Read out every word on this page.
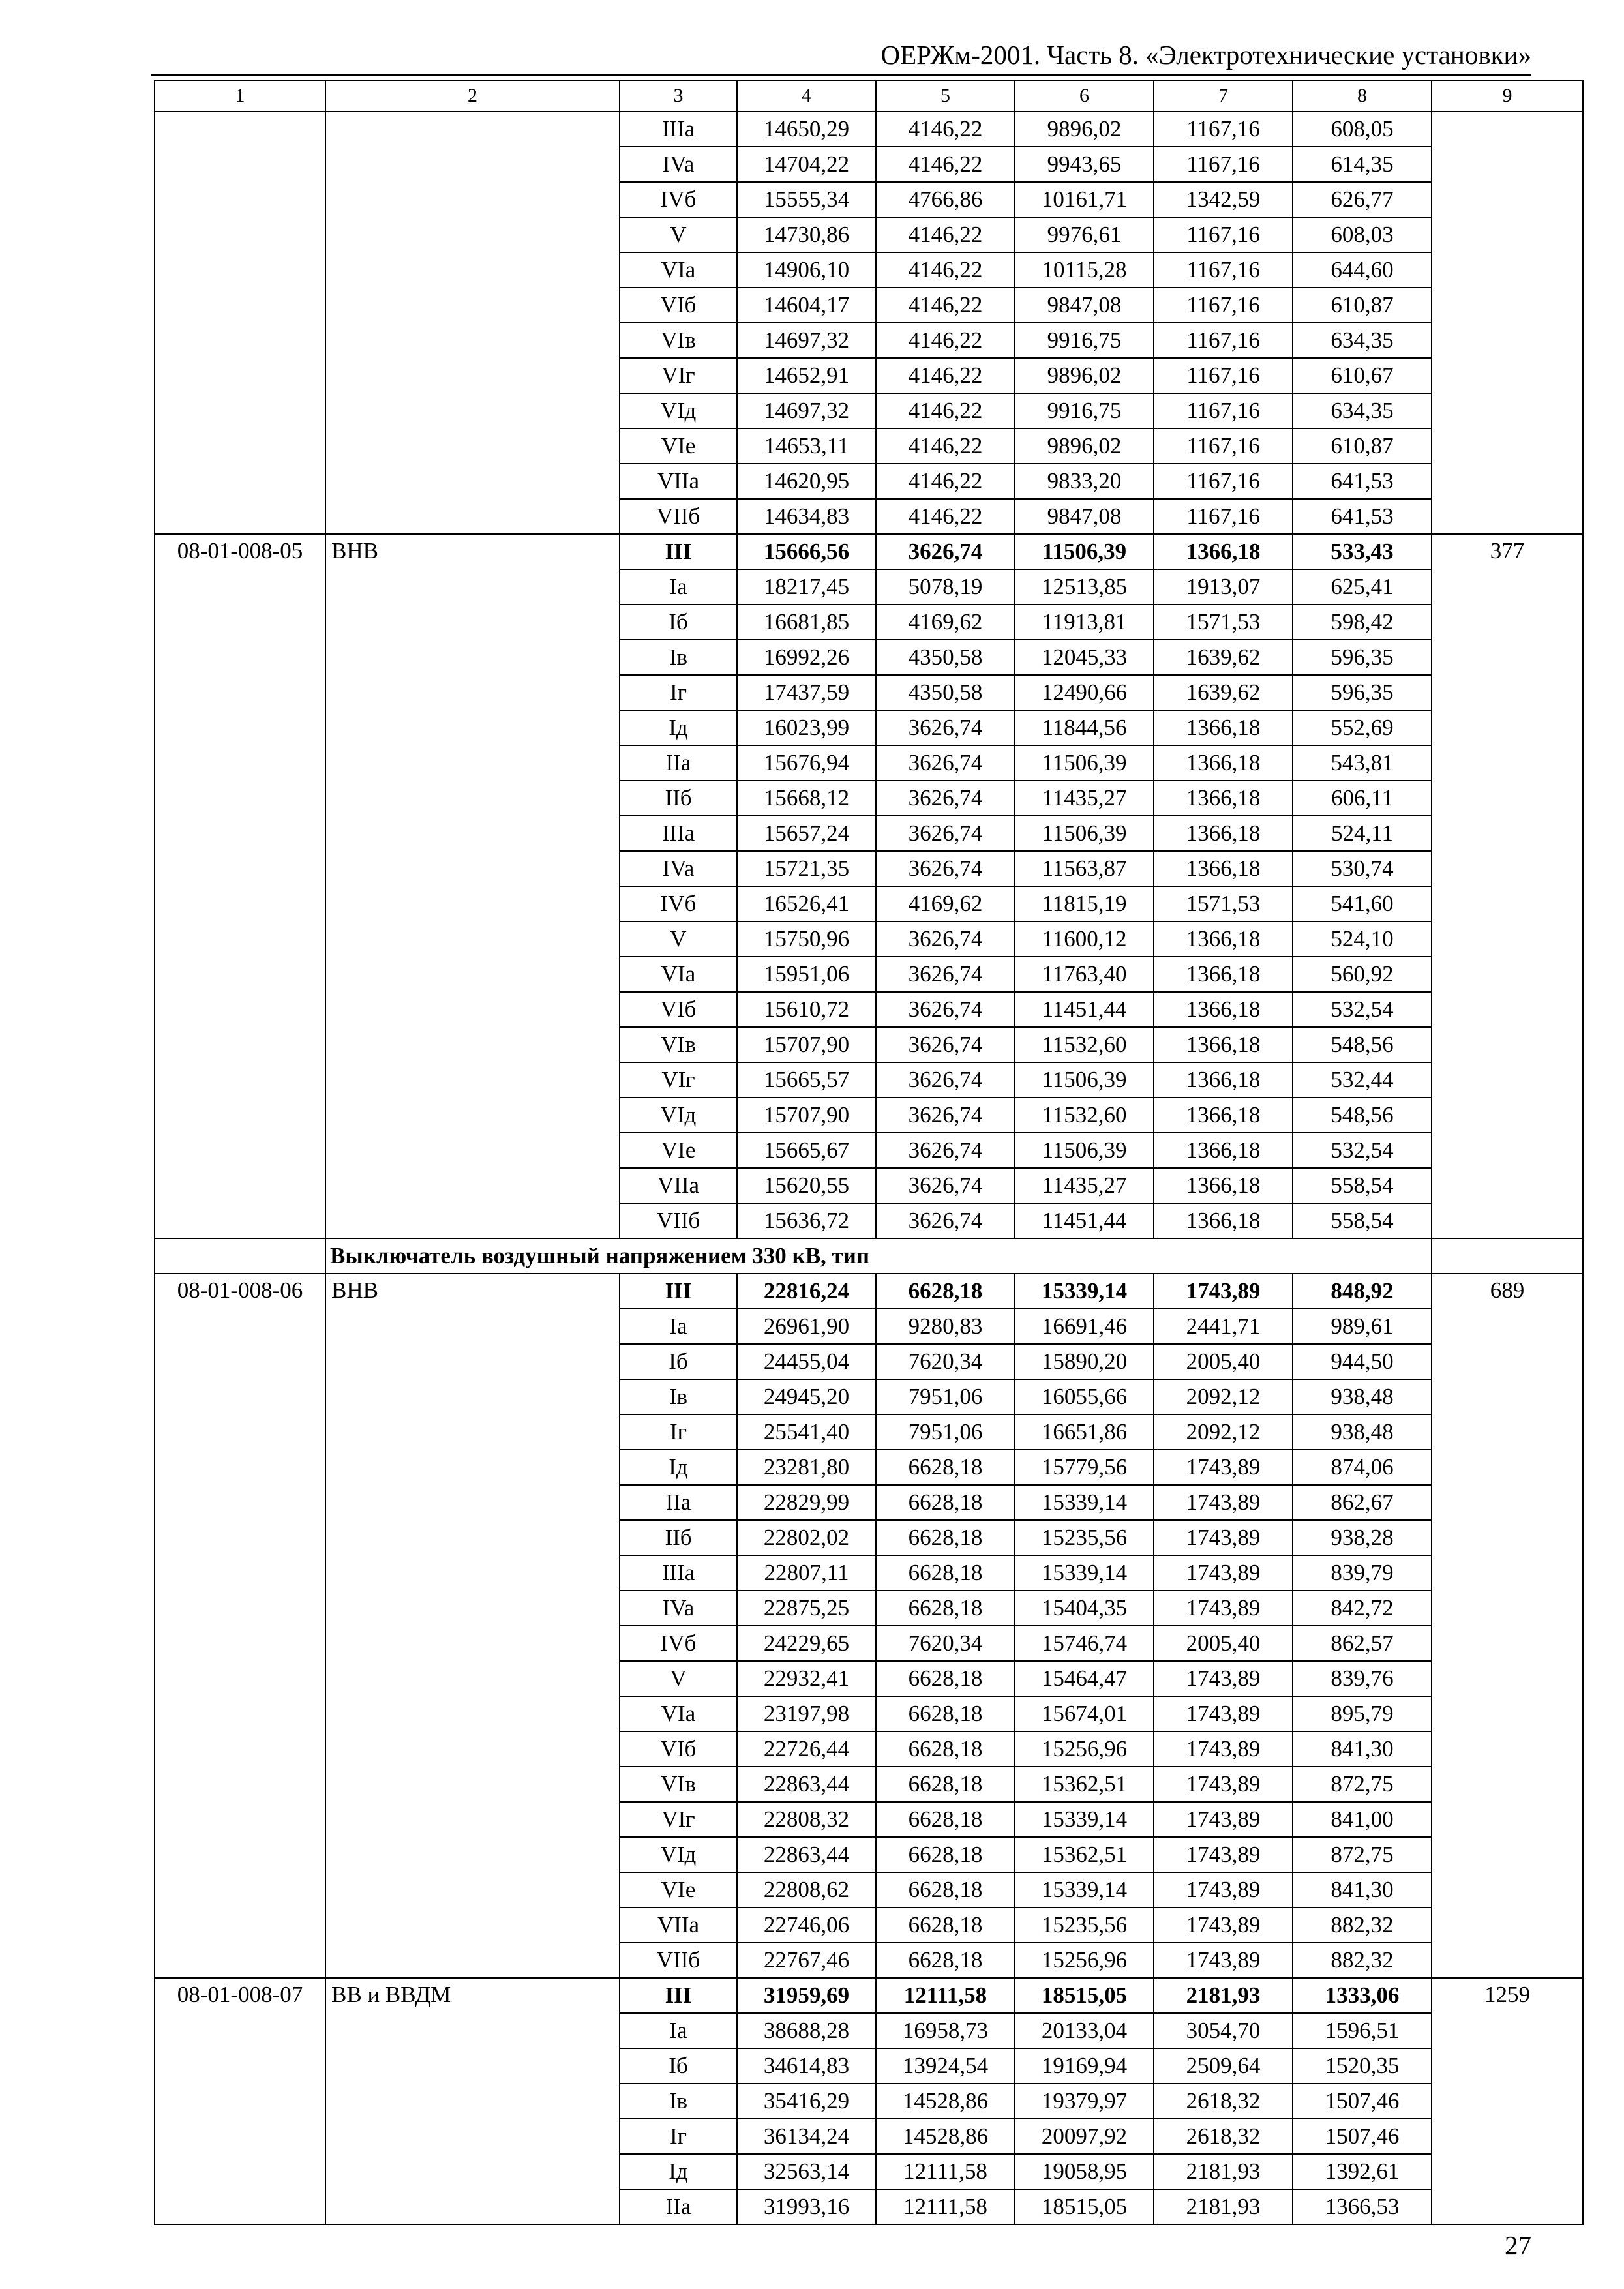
ОЕРЖм-2001. Часть 8. «Электротехнические установки»
1	2	3	4	5	6	7	8	9
		IIIa	14650,29	4146,22	9896,02	1167,16	608,05	
		IVa	14704,22	4146,22	9943,65	1167,16	614,35	
		IVб	15555,34	4766,86	10161,71	1342,59	626,77	
		V	14730,86	4146,22	9976,61	1167,16	608,03	
		VIa	14906,10	4146,22	10115,28	1167,16	644,60	
		VIб	14604,17	4146,22	9847,08	1167,16	610,87	
		VIв	14697,32	4146,22	9916,75	1167,16	634,35	
		VIг	14652,91	4146,22	9896,02	1167,16	610,67	
		VIд	14697,32	4146,22	9916,75	1167,16	634,35	
		VIe	14653,11	4146,22	9896,02	1167,16	610,87	
		VIIa	14620,95	4146,22	9833,20	1167,16	641,53	
		VIIб	14634,83	4146,22	9847,08	1167,16	641,53	
08-01-008-05	ВНВ	III	15666,56	3626,74	11506,39	1366,18	533,43	377
		Ia	18217,45	5078,19	12513,85	1913,07	625,41	
		Iб	16681,85	4169,62	11913,81	1571,53	598,42	
		Iв	16992,26	4350,58	12045,33	1639,62	596,35	
		Iг	17437,59	4350,58	12490,66	1639,62	596,35	
		Iд	16023,99	3626,74	11844,56	1366,18	552,69	
		IIa	15676,94	3626,74	11506,39	1366,18	543,81	
		IIб	15668,12	3626,74	11435,27	1366,18	606,11	
		IIIa	15657,24	3626,74	11506,39	1366,18	524,11	
		IVa	15721,35	3626,74	11563,87	1366,18	530,74	
		IVб	16526,41	4169,62	11815,19	1571,53	541,60	
		V	15750,96	3626,74	11600,12	1366,18	524,10	
		VIa	15951,06	3626,74	11763,40	1366,18	560,92	
		VIб	15610,72	3626,74	11451,44	1366,18	532,54	
		VIв	15707,90	3626,74	11532,60	1366,18	548,56	
		VIг	15665,57	3626,74	11506,39	1366,18	532,44	
		VIд	15707,90	3626,74	11532,60	1366,18	548,56	
		VIe	15665,67	3626,74	11506,39	1366,18	532,54	
		VIIa	15620,55	3626,74	11435,27	1366,18	558,54	
		VIIб	15636,72	3626,74	11451,44	1366,18	558,54	
	Выключатель воздушный напряжением 330 кВ, тип							
08-01-008-06	ВНВ	III	22816,24	6628,18	15339,14	1743,89	848,92	689
		Ia	26961,90	9280,83	16691,46	2441,71	989,61	
		Iб	24455,04	7620,34	15890,20	2005,40	944,50	
		Iв	24945,20	7951,06	16055,66	2092,12	938,48	
		Iг	25541,40	7951,06	16651,86	2092,12	938,48	
		Iд	23281,80	6628,18	15779,56	1743,89	874,06	
		IIa	22829,99	6628,18	15339,14	1743,89	862,67	
		IIб	22802,02	6628,18	15235,56	1743,89	938,28	
		IIIa	22807,11	6628,18	15339,14	1743,89	839,79	
		IVa	22875,25	6628,18	15404,35	1743,89	842,72	
		IVб	24229,65	7620,34	15746,74	2005,40	862,57	
		V	22932,41	6628,18	15464,47	1743,89	839,76	
		VIa	23197,98	6628,18	15674,01	1743,89	895,79	
		VIб	22726,44	6628,18	15256,96	1743,89	841,30	
		VIв	22863,44	6628,18	15362,51	1743,89	872,75	
		VIг	22808,32	6628,18	15339,14	1743,89	841,00	
		VIд	22863,44	6628,18	15362,51	1743,89	872,75	
		VIe	22808,62	6628,18	15339,14	1743,89	841,30	
		VIIa	22746,06	6628,18	15235,56	1743,89	882,32	
		VIIб	22767,46	6628,18	15256,96	1743,89	882,32	
08-01-008-07	ВВ и ВВДМ	III	31959,69	12111,58	18515,05	2181,93	1333,06	1259
		Ia	38688,28	16958,73	20133,04	3054,70	1596,51	
		Iб	34614,83	13924,54	19169,94	2509,64	1520,35	
		Iв	35416,29	14528,86	19379,97	2618,32	1507,46	
		Iг	36134,24	14528,86	20097,92	2618,32	1507,46	
		Iд	32563,14	12111,58	19058,95	2181,93	1392,61	
		IIa	31993,16	12111,58	18515,05	2181,93	1366,53	
27
